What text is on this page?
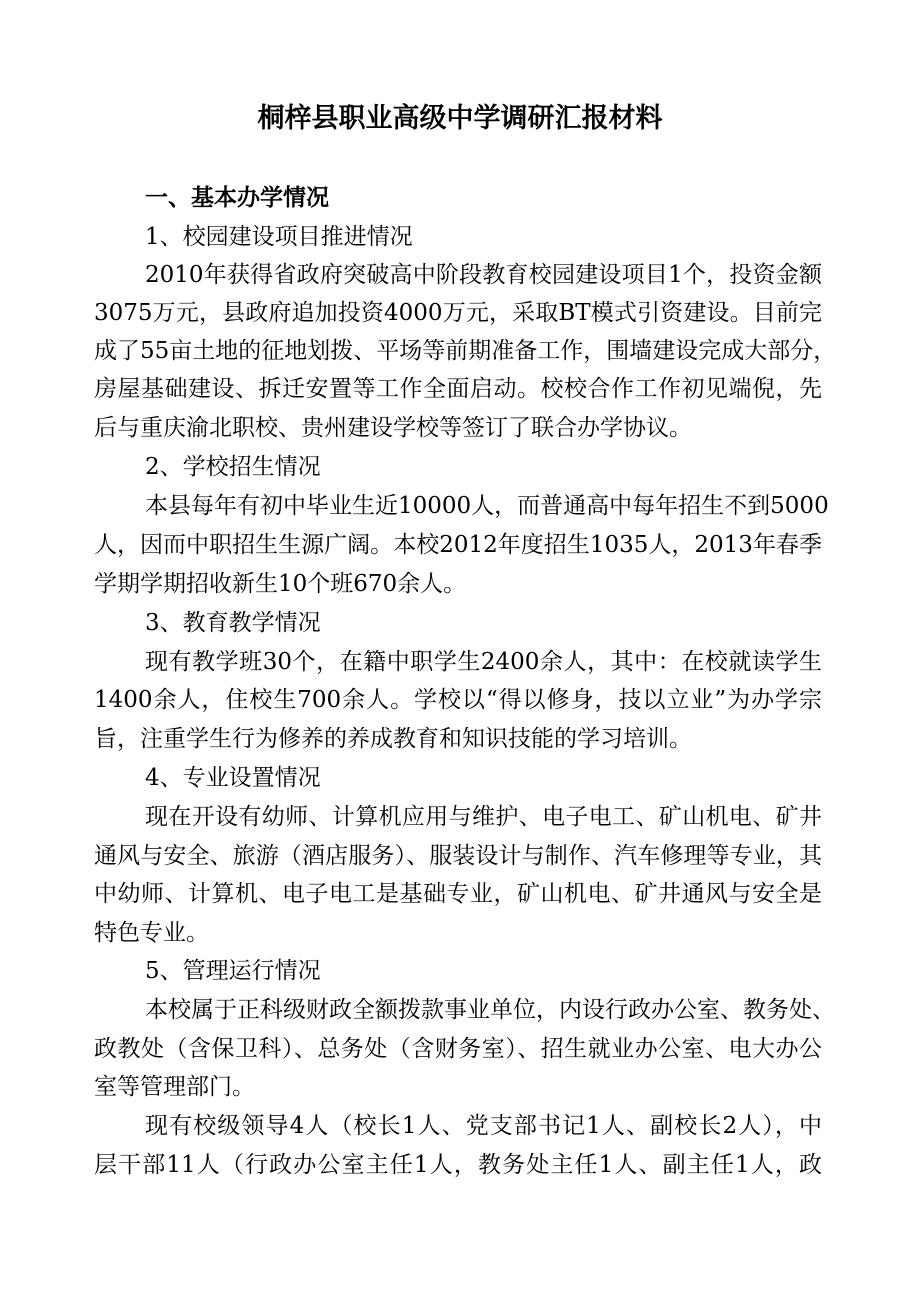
桐梓县职业高级中学调研汇报材料
一、基本办学情况
1、校园建设项目推进情况
2010年获得省政府突破高中阶段教育校园建设项目1个，投资金额
3075万元，县政府追加投资4000万元，采取BT模式引资建设。目前完
成了55亩土地的征地划拨、平场等前期准备工作，围墙建设完成大部分，
房屋基础建设、拆迁安置等工作全面启动。校校合作工作初见端倪，先
后与重庆渝北职校、贵州建设学校等签订了联合办学协议。
2、学校招生情况
本县每年有初中毕业生近10000人，而普通高中每年招生不到5000
人，因而中职招生生源广阔。本校2012年度招生1035人，2013年春季
学期学期招收新生10个班670余人。
3、教育教学情况
现有教学班30个，在籍中职学生2400余人，其中：在校就读学生
1400余人，住校生700余人。学校以“得以修身，技以立业”为办学宗
旨，注重学生行为修养的养成教育和知识技能的学习培训。
4、专业设置情况
现在开设有幼师、计算机应用与维护、电子电工、矿山机电、矿井
通风与安全、旅游（酒店服务）、服装设计与制作、汽车修理等专业，其
中幼师、计算机、电子电工是基础专业，矿山机电、矿井通风与安全是
特色专业。
5、管理运行情况
本校属于正科级财政全额拨款事业单位，内设行政办公室、教务处、
政教处（含保卫科）、总务处（含财务室）、招生就业办公室、电大办公
室等管理部门。
现有校级领导4人（校长1人、党支部书记1人、副校长2人），中
层干部11人（行政办公室主任1人，教务处主任1人、副主任1人，政
